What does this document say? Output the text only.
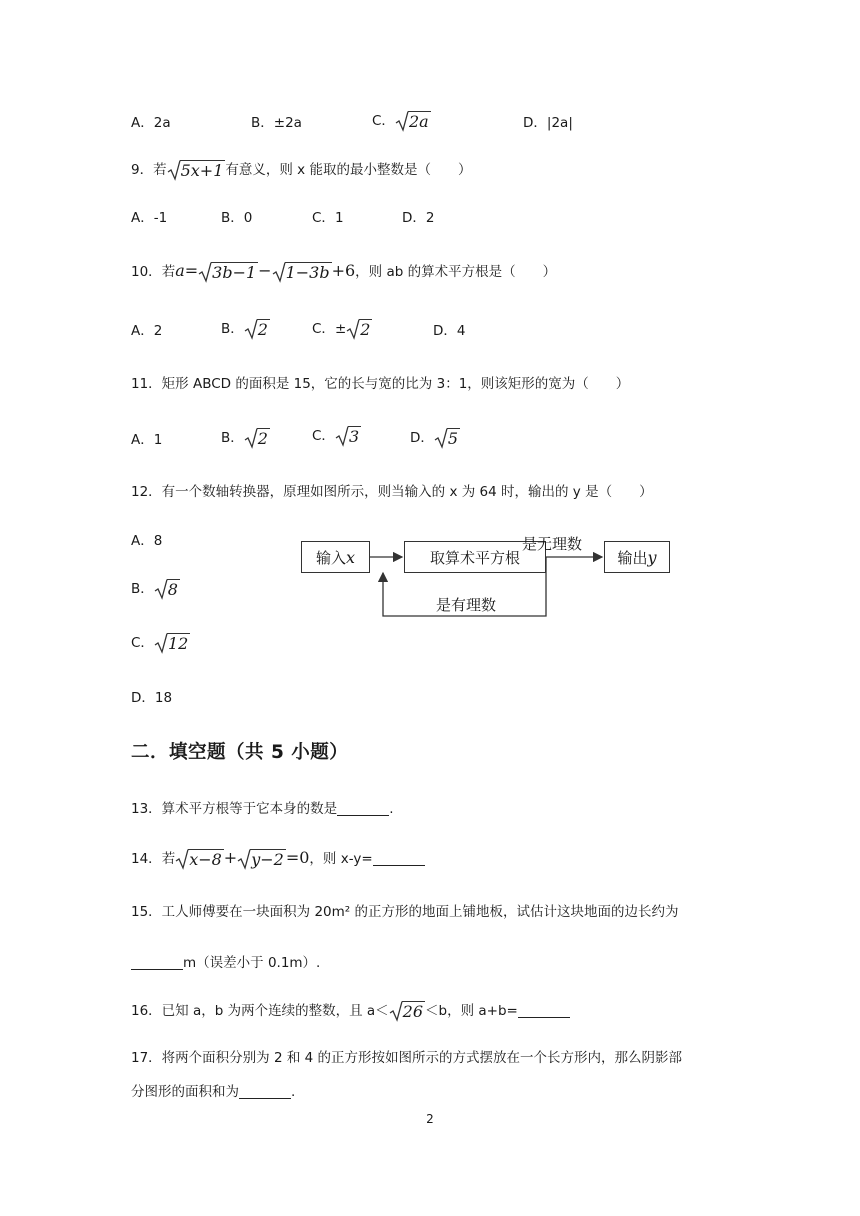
A．2a	B．±2a	C． 2a	D．|2a|
9．若 5x+1 有意义，则 x 能取的最小整数是（　　）
A．-1	B．0	C．1	D．2
10．若a= 3b−1 − 1−3b +6，则 ab 的算术平方根是（　　）
A．2	B． 2	C．± 2	D．4
11．矩形 ABCD 的面积是 15，它的长与宽的比为 3：1，则该矩形的宽为（　　）
A．1	B． 2	C． 3	D． 5
12．有一个数轴转换器，原理如图所示，则当输入的 x 为 64 时，输出的 y 是（　　）
A．8
B． 8
C． 12
D．18
输入 x	取算术平方根	输出 y
是无理数
是有理数
二．填空题（共 5 小题）
13．算术平方根等于它本身的数是	.
14．若 x−8 + y−2 =0，则 x-y=
15．工人师傅要在一块面积为 20m² 的正方形的地面上铺地板，试估计这块地面的边长约为
m（误差小于 0.1m）.
16．已知 a，b 为两个连续的整数，且 a＜ 26 ＜b，则 a+b=
17．将两个面积分别为 2 和 4 的正方形按如图所示的方式摆放在一个长方形内，那么阴影部
分图形的面积和为	.
2
